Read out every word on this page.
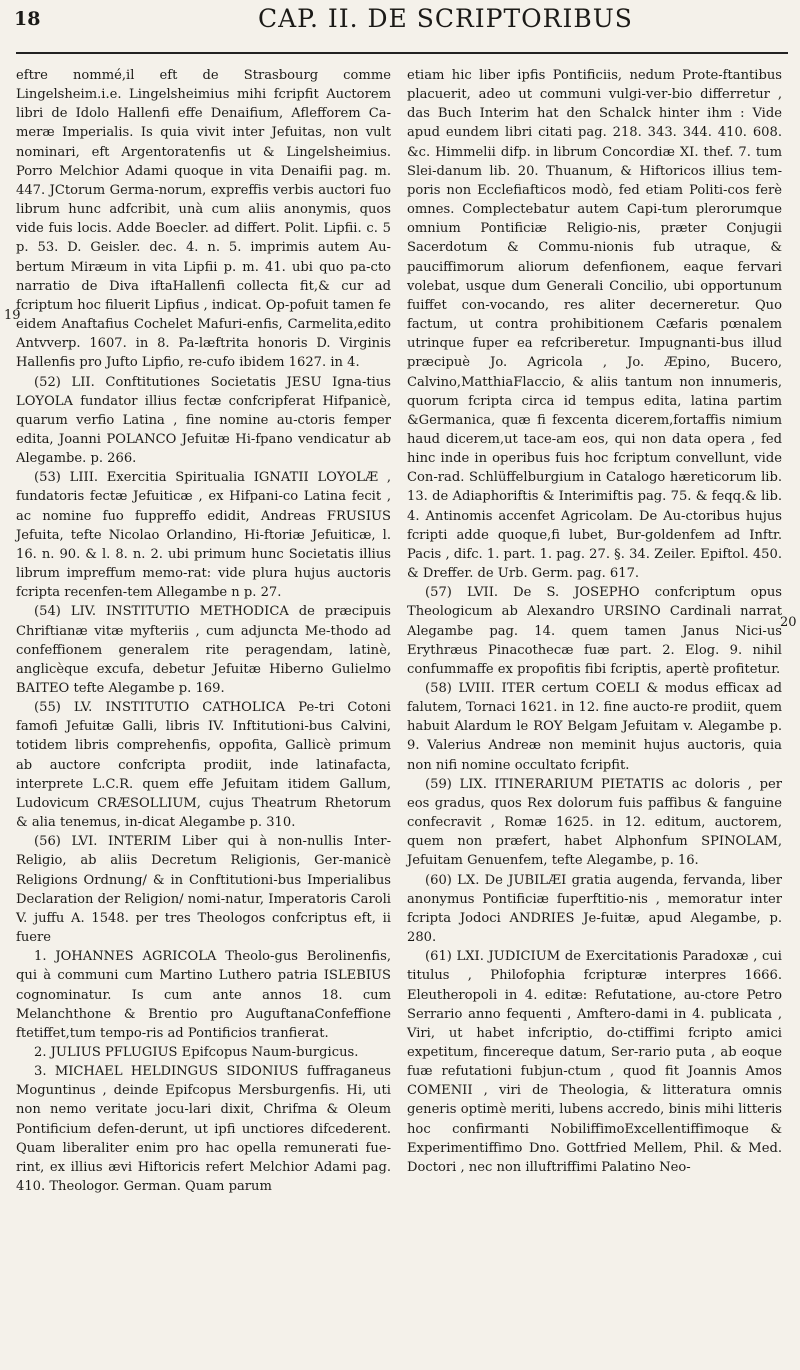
18	CAP. II. DE SCRIPTORIBUS
19
20

eftre nommé,il eft de Strasbourg comme Lingelsheim.i.e. Lingelsheimius mihi fcripfit Auctorem libri de Idolo Hallenfi effe Denaifium, Aflefforem Ca-meræ Imperialis. Is quia vivit inter Jefuitas, non vult nominari, eft Argentoratenfis ut & Lingelsheimius. Porro Melchior Adami quoque in vita Denaifii pag. m. 447. JCtorum Germa-norum, expreffis verbis auctori fuo librum hunc adfcribit, unà cum aliis anonymis, quos vide fuis locis. Adde Boecler. ad differt. Polit. Lipfii. c. 5 p. 53. D. Geisler. dec. 4. n. 5. imprimis autem Au-bertum Miræum in vita Lipfii p. m. 41. ubi quo pa-cto narratio de Diva iftaHallenfi collecta fit,& cur ad fcriptum hoc filuerit Lipfius , indicat. Op-pofuit tamen fe eidem Anaftafius Cochelet Mafuri-enfis, Carmelita,edito Antvverp. 1607. in 8. Pa-læftrita honoris D. Virginis Hallenfis pro Jufto Lipfio, re-cufo ibidem 1627. in 4.

(52) LII. Conftitutiones Societatis JESU Igna-tius LOYOLA fundator illius fectæ confcripferat Hifpanicè, quarum verfio Latina , fine nomine au-ctoris femper edita, Joanni POLANCO Jefuitæ Hi-fpano vendicatur ab Alegambe. p. 266.

(53) LIII. Exercitia Spiritualia IGNATII LOYOLÆ , fundatoris fectæ Jefuiticæ , ex Hifpani-co Latina fecit , ac nomine fuo fuppreffo edidit, Andreas FRUSIUS Jefuita, tefte Nicolao Orlandino, Hi-ftoriæ Jefuiticæ, l. 16. n. 90. & l. 8. n. 2. ubi primum hunc Societatis illius librum impreffum memo-rat: vide plura hujus auctoris fcripta recenfen-tem Allegambe n p. 27.

(54) LIV. INSTITUTIO METHODICA de præcipuis Chriftianæ vitæ myfteriis , cum adjuncta Me-thodo ad confeffionem generalem rite peragendam, latinè, anglicèque excufa, debetur Jefuitæ Hiberno Gulielmo BAITEO tefte Alegambe p. 169.

(55) LV. INSTITUTIO CATHOLICA Pe-tri Cotoni famofi Jefuitæ Galli, libris IV. Inftitutioni-bus Calvini, totidem libris comprehenfis, oppofita, Gallicè primum ab auctore confcripta prodiit, inde latinafacta, interprete L.C.R. quem effe Jefuitam itidem Gallum, Ludovicum CRÆSOLLIUM, cujus Theatrum Rhetorum & alia tenemus, in-dicat Alegambe p. 310.

(56) LVI. INTERIM Liber qui à non-nullis Inter-Religio, ab aliis Decretum Religionis, Ger-manicè Religions Ordnung/ & in Conftitutioni-bus Imperialibus Declaration der Religion/ nomi-natur, Imperatoris Caroli V. juffu A. 1548. per tres Theologos confcriptus eft, ii fuere

1. JOHANNES AGRICOLA Theolo-gus Berolinenfis, qui à communi cum Martino Luthero patria ISLEBIUS cognominatur. Is cum ante annos 18. cum Melanchthone & Brentio pro AuguftanaConfeffione ftetiffet,tum tempo-ris ad Pontificios tranfierat.

2. JULIUS PFLUGIUS Epifcopus Naum-burgicus.

3. MICHAEL HELDINGUS SIDONIUS fuffraganeus Moguntinus , deinde Epifcopus Mersburgenfis. Hi, uti non nemo veritate jocu-lari dixit, Chrifma & Oleum Pontificium defen-derunt, ut ipfi unctiores difcederent. Quam liberaliter enim pro hac opella remunerati fue-rint, ex illius ævi Hiftoricis refert Melchior Adami pag. 410. Theologor. German. Quam parum

etiam hic liber ipfis Pontificiis, nedum Prote-ftantibus placuerit, adeo ut communi vulgi-ver-bio differretur , das Buch Interim hat den Schalck hinter ihm : Vide apud eundem libri citati pag. 218. 343. 344. 410. 608. &c. Himmelii difp. in librum Concordiæ XI. thef. 7. tum Slei-danum lib. 20. Thuanum, & Hiftoricos illius tem-poris non Ecclefiafticos modò, fed etiam Politi-cos ferè omnes. Complectebatur autem Capi-tum plerorumque omnium Pontificiæ Religio-nis, præter Conjugii Sacerdotum & Commu-nionis fub utraque, & pauciffimorum aliorum defenfionem, eaque fervari volebat, usque dum Generali Concilio, ubi opportunum fuiffet con-vocando, res aliter decerneretur. Quo factum, ut contra prohibitionem Cæfaris pœnalem utrinque fuper ea refcriberetur. Impugnanti-bus illud præcipuè Jo. Agricola , Jo. Æpino, Bucero, Calvino,MatthiaFlaccio, & aliis tantum non innumeris, quorum fcripta circa id tempus edita, latina partim &Germanica, quæ fi fexcenta dicerem,fortaffis nimium haud dicerem,ut tace-am eos, qui non data opera , fed hinc inde in operibus fuis hoc fcriptum convellunt, vide Con-rad. Schlüffelburgium in Catalogo hæreticorum lib. 13. de Adiaphoriftis & Interimiftis pag. 75. & feqq.& lib. 4. Antinomis accenfet Agricolam. De Au-ctoribus hujus fcripti adde quoque,fi lubet, Bur-goldenfem ad Inftr. Pacis , difc. 1. part. 1. pag. 27. §. 34. Zeiler. Epiftol. 450. & Dreffer. de Urb. Germ. pag. 617.

(57) LVII. De S. JOSEPHO confcriptum opus Theologicum ab Alexandro URSINO Cardinali narrat Alegambe pag. 14. quem tamen Janus Nici-us Erythræus Pinacothecæ fuæ part. 2. Elog. 9. nihil confummaffe ex propofitis fibi fcriptis, apertè profitetur.

(58) LVIII. ITER certum COELI & modus efficax ad falutem, Tornaci 1621. in 12. fine aucto-re prodiit, quem habuit Alardum le ROY Belgam Jefuitam v. Alegambe p. 9. Valerius Andreæ non meminit hujus auctoris, quia non nifi nomine occultato fcripfit.

(59) LIX. ITINERARIUM PIETATIS ac doloris , per eos gradus, quos Rex dolorum fuis paffibus & fanguine confecravit , Romæ 1625. in 12. editum, auctorem, quem non præfert, habet Alphonfum SPINOLAM, Jefuitam Genuenfem, tefte Alegambe, p. 16.

(60) LX. De JUBILÆI gratia augenda, fervanda, liber anonymus Pontificiæ fuperftitio-nis , memoratur inter fcripta Jodoci ANDRIES Je-fuitæ, apud Alegambe, p. 280.

(61) LXI. JUDICIUM de Exercitationis Paradoxæ , cui titulus , Philofophia fcripturæ interpres 1666. Eleutheropoli in 4. editæ: Refutatione, au-ctore Petro Serrario anno fequenti , Amftero-dami in 4. publicata , Viri, ut habet infcriptio, do-ctiffimi fcripto amici expetitum, fincereque datum, Ser-rario puta , ab eoque fuæ refutationi fubjun-ctum , quod fit Joannis Amos COMENII , viri de Theologia, & litteratura omnis generis optimè meriti, lubens accredo, binis mihi litteris hoc confirmanti NobiliffimoExcellentiffimoque & Experimentiffimo Dno. Gottfried Mellem, Phil. & Med. Doctori , nec non illuftriffimi Palatino Neo-
